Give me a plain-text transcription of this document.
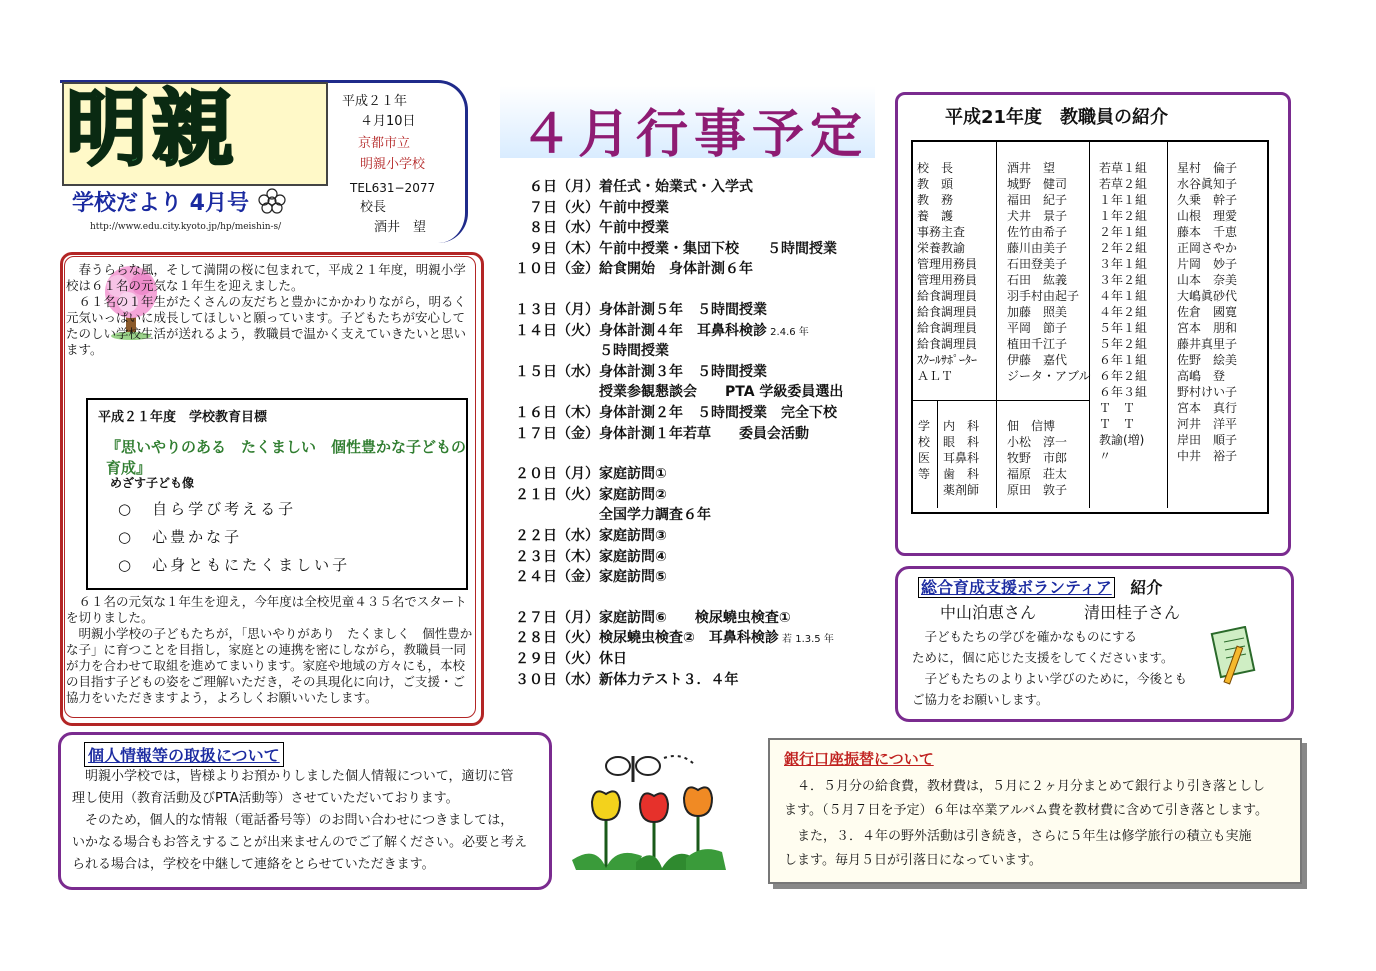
明親
学校だより 4月号
http://www.edu.city.kyoto.jp/hp/meishin-s/
平成２１年
４月10日
京都市立
明親小学校
TEL631−2077
校長
酒井　望
　春うららな風，そして満開の桜に包まれて，平成２１年度，明親小学校は６１名の元気な１年生を迎えました。
　６１名の１年生がたくさんの友だちと豊かにかかわりながら，明るく元気いっぱいに成長してほしいと願っています。子どもたちが安心してたのしい学校生活が送れるよう，教職員で温かく支えていきたいと思います。
平成２１年度　学校教育目標
『思いやりのある　たくましい　個性豊かな子どもの育成』
めざす子ども像
○　自ら学び考える子
○　心豊かな子
○　心身ともにたくましい子
　６１名の元気な１年生を迎え，今年度は全校児童４３５名でスタートを切りました。
　明親小学校の子どもたちが，「思いやりがあり　たくましく　個性豊かな子」に育つことを目指し，家庭との連携を密にしながら，教職員一同が力を合わせて取組を進めてまいります。家庭や地域の方々にも，本校の目指す子どもの姿をご理解いただき，その具現化に向け，ご支援・ご協力をいただきますよう，よろしくお願いいたします。
４月行事予定
６日（月）着任式・始業式・入学式
７日（火）午前中授業
８日（水）午前中授業
９日（木）午前中授業・集団下校　　５時間授業
１０日（金）給食開始　身体計測６年
１３日（月）身体計測５年　５時間授業
１４日（火）身体計測４年　耳鼻科検診 2.4.6 年
５時間授業
１５日（水）身体計測３年　５時間授業
授業参観懇談会　　PTA 学級委員選出
１６日（木）身体計測２年　５時間授業　完全下校
１７日（金）身体計測１年若草　　委員会活動
２０日（月）家庭訪問①
２１日（火）家庭訪問②
全国学力調査６年
２２日（水）家庭訪問③
２３日（木）家庭訪問④
２４日（金）家庭訪問⑤
２７日（月）家庭訪問⑥　　検尿蟯虫検査①
２８日（火）検尿蟯虫検査②　耳鼻科検診 若 1.3.5 年
２９日（火）休日
３０日（水）新体力テスト３．４年
平成21年度　教職員の紹介
校　長
教　頭
教　務
養　護
事務主査
栄養教諭
管理用務員
管理用務員
給食調理員
給食調理員
給食調理員
給食調理員
ｽｸｰﾙｻﾎﾟｰﾀｰ
ＡＬＴ
酒井　望
城野　健司
福田　紀子
犬井　景子
佐竹由希子
藤川由美子
石田登美子
石田　紘義
羽手村由起子
加藤　照美
平岡　節子
植田千江子
伊藤　嘉代
ジータ・アブル
学
校
医
等
内　科
眼　科
耳鼻科
歯　科
薬剤師
佃　信博
小松　淳一
牧野　市郎
福原　荘太
原田　敦子
若草１組
若草２組
１年１組
１年２組
２年１組
２年２組
３年１組
３年２組
４年１組
４年２組
５年１組
５年２組
６年１組
６年２組
６年３組
Ｔ　Ｔ
Ｔ　Ｔ
教諭(増)
〃
星村　倫子
水谷眞知子
久乗　幹子
山根　理愛
藤本　千恵
正岡さやか
片岡　妙子
山本　奈美
大嶋眞砂代
佐倉　國寛
宮本　朋和
藤井真里子
佐野　絵美
高嶋　登
野村けい子
宮本　真行
河井　洋平
岸田　順子
中井　裕子
総合育成支援ボランティア 紹介
中山泊恵さん　　　清田桂子さん
　子どもたちの学びを確かなものにする
ために，個に応じた支援をしてくださいます。
　子どもたちのよりよい学びのために，今後とも
ご協力をお願いします。
個人情報等の取扱について
　明親小学校では，皆様よりお預かりしました個人情報について，適切に管
理し使用（教育活動及びPTA活動等）させていただいております。
　そのため，個人的な情報（電話番号等）のお問い合わせにつきましては，
いかなる場合もお答えすることが出来ませんのでご了解ください。必要と考え
られる場合は，学校を中継して連絡をとらせていただきます。
銀行口座振替について
　４．５月分の給食費，教材費は，５月に２ヶ月分まとめて銀行より引き落としし
ます。（５月７日を予定）６年は卒業アルバム費を教材費に含めて引き落とします。
　また，３．４年の野外活動は引き続き，さらに５年生は修学旅行の積立も実施
します。毎月５日が引落日になっています。
